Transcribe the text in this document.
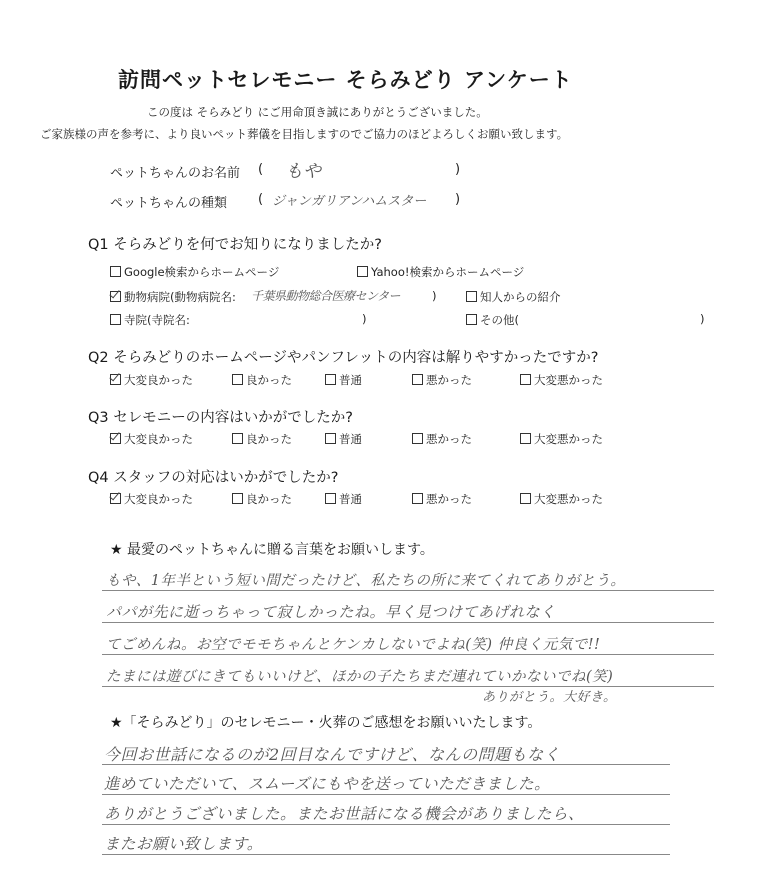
訪問ペットセレモニー そらみどり アンケート
この度は そらみどり にご用命頂き誠にありがとうございました。
ご家族様の声を参考に、より良いペット葬儀を目指しますのでご協力のほどよろしくお願い致します。
ペットちゃんのお名前 ( もや	)
ペットちゃんの種類 ( ジャンガリアンハムスター )
Q1 そらみどりを何でお知りになりましたか?
Google検索からホームページ	Yahoo!検索からホームページ
動物病院(動物病院名: 千葉県動物総合医療センター	)	知人からの紹介
寺院(寺院名:	)	その他(	)
Q2 そらみどりのホームページやパンフレットの内容は解りやすかったですか?
大変良かった	良かった	普通	悪かった	大変悪かった
Q3 セレモニーの内容はいかがでしたか?
大変良かった	良かった	普通	悪かった	大変悪かった
Q4 スタッフの対応はいかがでしたか?
大変良かった	良かった	普通	悪かった	大変悪かった
★ 最愛のペットちゃんに贈る言葉をお願いします。
もや、1年半という短い間だったけど、私たちの所に来てくれてありがとう。
パパが先に逝っちゃって寂しかったね。早く見つけてあげれなく
てごめんね。お空でモモちゃんとケンカしないでよね(笑) 仲良く元気で!!
たまには遊びにきてもいいけど、ほかの子たちまだ連れていかないでね(笑)
ありがとう。大好き。
★「そらみどり」のセレモニー・火葬のご感想をお願いいたします。
今回お世話になるのが2回目なんですけど、なんの問題もなく
進めていただいて、スムーズにもやを送っていただきました。
ありがとうございました。またお世話になる機会がありましたら、
またお願い致します。
